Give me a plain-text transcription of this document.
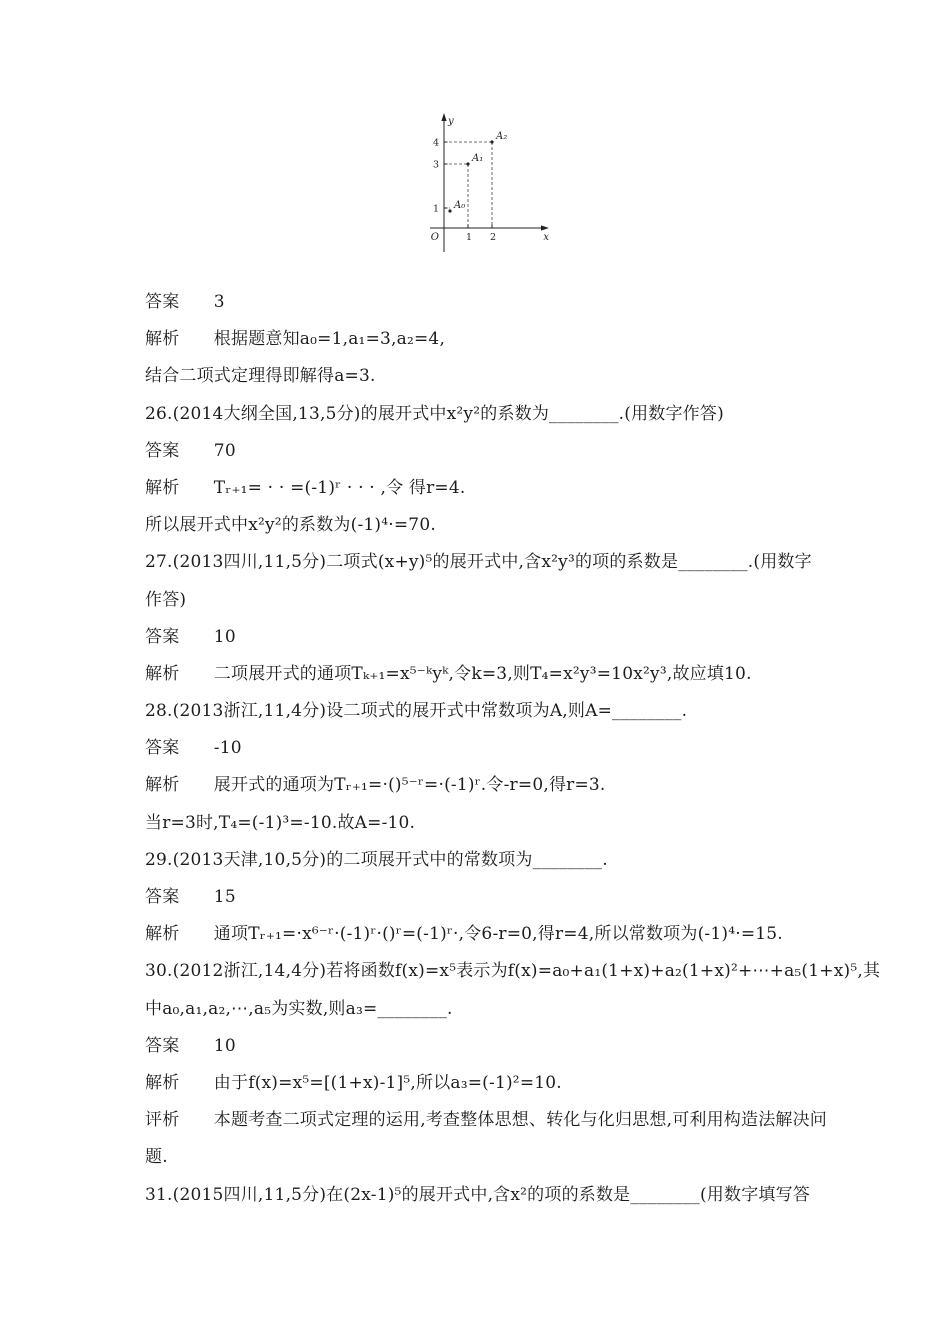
y
x
O
4
3
1
1 2
A₀
A₁
A₂

答案　　3

解析　　根据题意知a₀=1,a₁=3,a₂=4,

结合二项式定理得即解得a=3.

26.(2014大纲全国,13,5分)的展开式中x²y²的系数为________.(用数字作答)

答案　　70

解析　　Tᵣ₊₁= · · =(-1)ʳ · · · ,令 得r=4.

所以展开式中x²y²的系数为(-1)⁴·=70.

27.(2013四川,11,5分)二项式(x+y)⁵的展开式中,含x²y³的项的系数是________.(用数字

作答)

答案　　10

解析　　二项展开式的通项Tₖ₊₁=x⁵⁻ᵏyᵏ,令k=3,则T₄=x²y³=10x²y³,故应填10.

28.(2013浙江,11,4分)设二项式的展开式中常数项为A,则A=________.

答案　　-10

解析　　展开式的通项为Tᵣ₊₁=·()⁵⁻ʳ=·(-1)ʳ.令-r=0,得r=3.

当r=3时,T₄=(-1)³=-10.故A=-10.

29.(2013天津,10,5分)的二项展开式中的常数项为________.

答案　　15

解析　　通项Tᵣ₊₁=·x⁶⁻ʳ·(-1)ʳ·()ʳ=(-1)ʳ·,令6-r=0,得r=4,所以常数项为(-1)⁴·=15.

30.(2012浙江,14,4分)若将函数f(x)=x⁵表示为f(x)=a₀+a₁(1+x)+a₂(1+x)²+⋯+a₅(1+x)⁵,其

中a₀,a₁,a₂,⋯,a₅为实数,则a₃=________.

答案　　10

解析　　由于f(x)=x⁵=[(1+x)-1]⁵,所以a₃=(-1)²=10.

评析　　本题考查二项式定理的运用,考查整体思想、转化与化归思想,可利用构造法解决问

题.

31.(2015四川,11,5分)在(2x-1)⁵的展开式中,含x²的项的系数是________(用数字填写答
